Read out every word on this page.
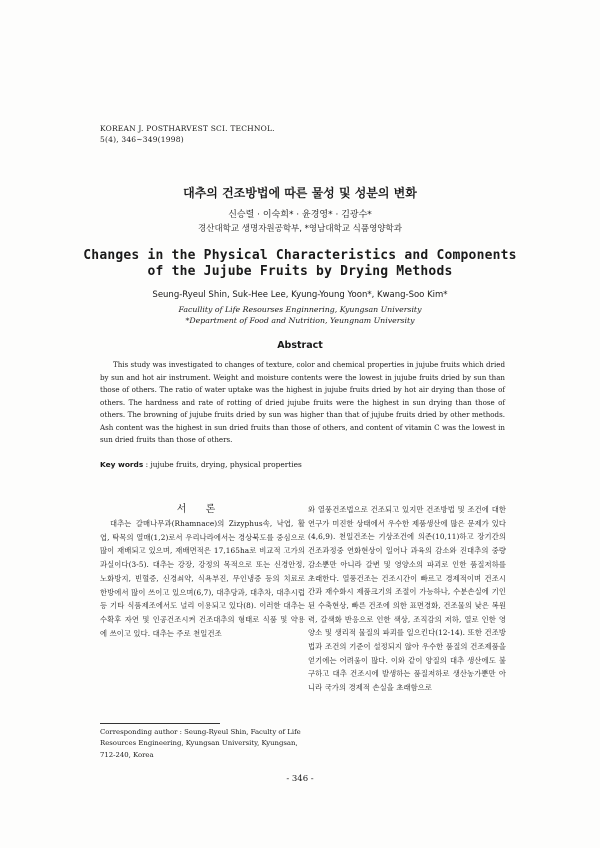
KOREAN J. POSTHARVEST SCI. TECHNOL.
5(4), 346~349(1998)
대추의 건조방법에 따른 물성 및 성분의 변화
신승렬 · 이숙희* · 윤경영* · 김광수*
경산대학교 생명자원공학부, *영남대학교 식품영양학과
Changes in the Physical Characteristics and Components
of the Jujube Fruits by Drying Methods
Seung-Ryeul Shin, Suk-Hee Lee, Kyung-Young Yoon*, Kwang-Soo Kim*
Facullity of Life Resourses Enginnering, Kyungsan University
*Department of Food and Nutrition, Yeungnam University
Abstract

This study was investigated to changes of texture, color and chemical properties in jujube fruits which dried by sun and hot air instrument. Weight and moisture contents were the lowest in jujube fruits dried by sun than those of others. The ratio of water uptake was the highest in jujube fruits dried by hot air drying than those of others. The hardness and rate of rotting of dried jujube fruits were the highest in sun drying than those of others. The browning of jujube fruits dried by sun was higher than that of jujube fruits dried by other methods. Ash content was the highest in sun dried fruits than those of others, and content of vitamin C was the lowest in sun dried fruits than those of others.

Key words : jujube fruits, drying, physical properties
서 론

대추는 갈매나무과(Rhamnace)의 Zizyphus속, 낙엽, 활엽, 탁목의 열매(1,2)로서 우리나라에서는 경상북도를 중심으로 많이 재배되고 있으며, 재배면적은 17,165ha로 비교적 고가의 과실이다(3-5). 대추는 강장, 강정의 목적으로 또는 신경안정, 노화방지, 빈혈증, 신경쇠약, 식욕부진, 무인냉증 등의 치료로 한방에서 많이 쓰이고 있으며(6,7), 대추당과, 대추차, 대추시럽 등 기타 식품제조에서도 널리 이용되고 있다(8). 이러한 대추는 수확후 자연 및 인공건조시켜 건조대추의 형태로 식품 및 약용에 쓰이고 있다. 대추는 주로 천일건조

와 열풍건조법으로 건조되고 있지만 건조방법 및 조건에 대한 연구가 미진한 상태에서 우수한 제품생산에 많은 문제가 있다(4,6,9). 천일건조는 기상조건에 의존(10,11)하고 장기간의 건조과정중 연화현상이 일어나 과육의 감소와 진대추의 중량감소뿐만 아니라 갈변 및 영양소의 파괴로 인한 품질저하를 초래한다. 열풍건조는 건조시간이 빠르고 경제적이며 건조시간과 재수화시 제품크기의 조절이 가능하나, 수분손실에 기인된 수축현상, 빠른 건조에 의한 표면경화, 건조물의 낮은 복원력, 갈색화 반응으로 인한 색상, 조직감의 저하, 열로 인한 영양소 및 생리적 물질의 파괴를 일으킨다(12-14). 또한 건조방법과 조건의 기준이 설정되지 않아 우수한 품질의 건조제품을 얻기에는 어려움이 많다. 이와 같이 양질의 대추 생산에도 불구하고 대추 건조시에 발생하는 품질저하로 생산농가뿐만 아니라 국가의 경제적 손실을 초래함으로

Corresponding author : Seung-Ryeul Shin, Faculty of Life Resources Engineering, Kyungsan University, Kyungsan, 712-240, Korea
- 346 -
